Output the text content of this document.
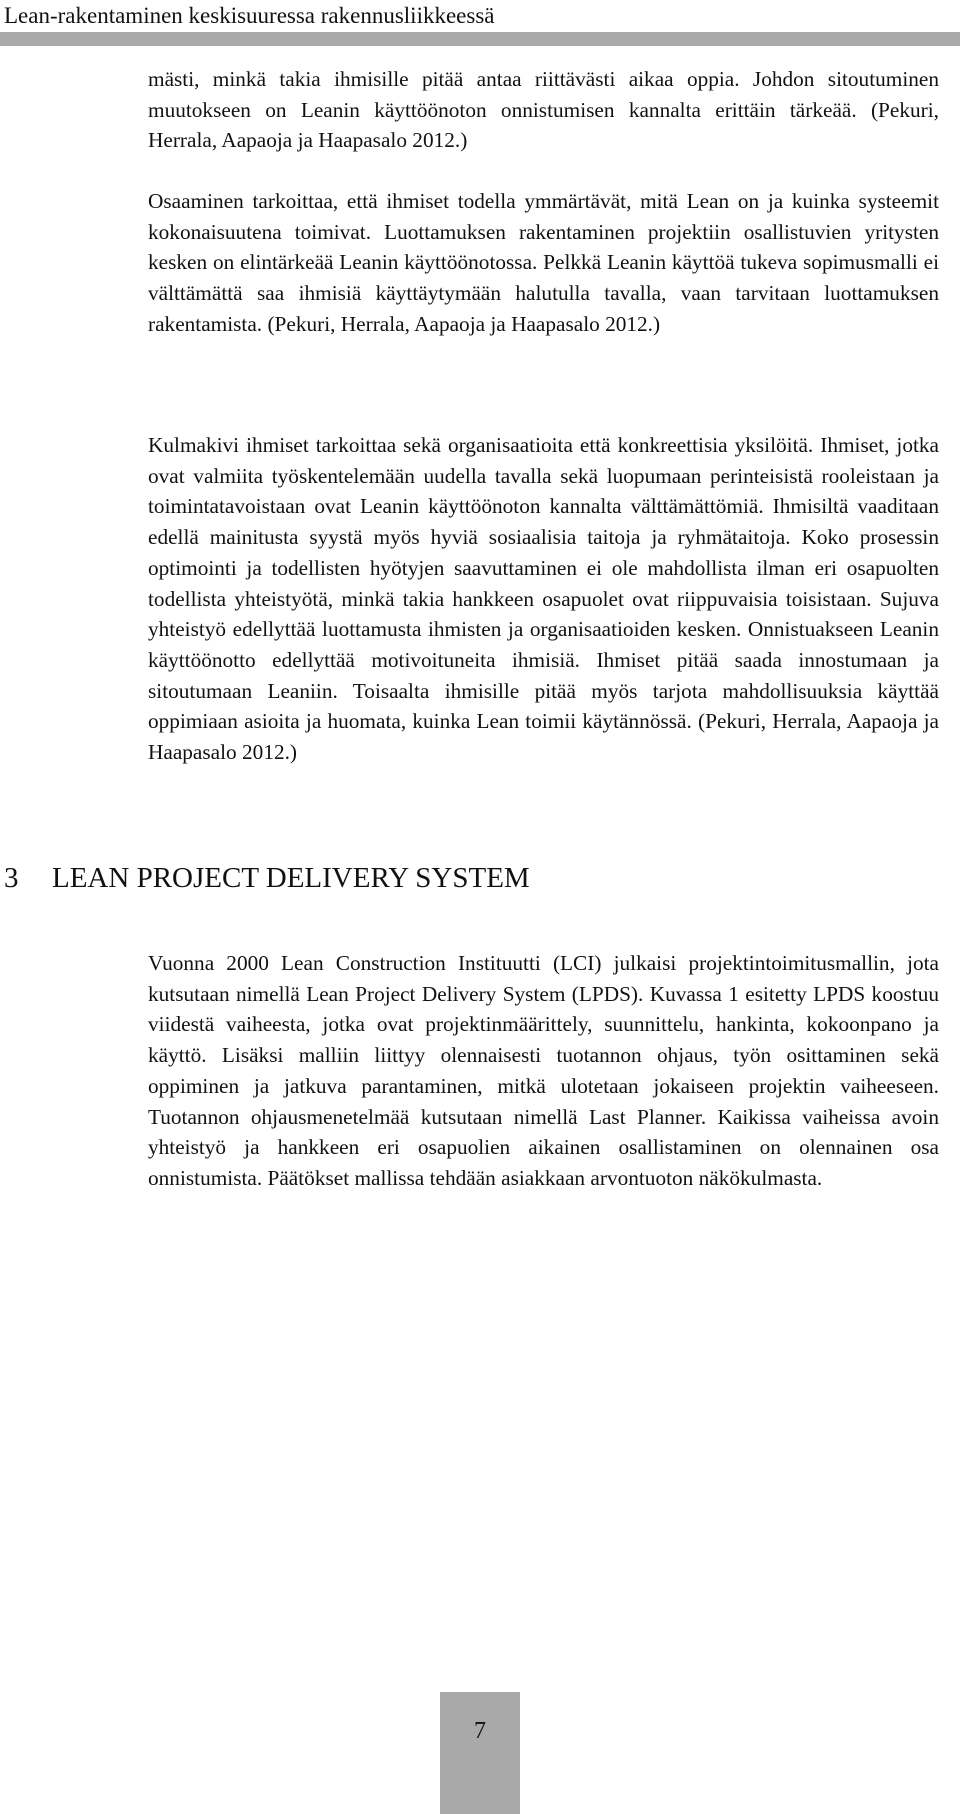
Lean-rakentaminen keskisuuressa rakennusliikkeessä

mästi, minkä takia ihmisille pitää antaa riittävästi aikaa oppia. Johdon sitoutuminen muutokseen on Leanin käyttöönoton onnistumisen kannalta erittäin tärkeää. (Pekuri, Herrala, Aapaoja ja Haapasalo 2012.)

Osaaminen tarkoittaa, että ihmiset todella ymmärtävät, mitä Lean on ja kuinka systeemit kokonaisuutena toimivat. Luottamuksen rakentaminen projektiin osallistuvien yritysten kesken on elintärkeää Leanin käyttöönotossa. Pelkkä Leanin käyttöä tukeva sopimusmalli ei välttämättä saa ihmisiä käyttäytymään halutulla tavalla, vaan tarvitaan luottamuksen rakentamista. (Pekuri, Herrala, Aapaoja ja Haapasalo 2012.)

Kulmakivi ihmiset tarkoittaa sekä organisaatioita että konkreettisia yksilöitä. Ihmiset, jotka ovat valmiita työskentelemään uudella tavalla sekä luopumaan perinteisistä rooleistaan ja toimintatavoistaan ovat Leanin käyttöönoton kannalta välttämättömiä. Ihmisiltä vaaditaan edellä mainitusta syystä myös hyviä sosiaalisia taitoja ja ryhmätaitoja. Koko prosessin optimointi ja todellisten hyötyjen saavuttaminen ei ole mahdollista ilman eri osapuolten todellista yhteistyötä, minkä takia hankkeen osapuolet ovat riippuvaisia toisistaan. Sujuva yhteistyö edellyttää luottamusta ihmisten ja organisaatioiden kesken. Onnistuakseen Leanin käyttöönotto edellyttää motivoituneita ihmisiä. Ihmiset pitää saada innostumaan ja sitoutumaan Leaniin. Toisaalta ihmisille pitää myös tarjota mahdollisuuksia käyttää oppimiaan asioita ja huomata, kuinka Lean toimii käytännössä. (Pekuri, Herrala, Aapaoja ja Haapasalo 2012.)

3 LEAN PROJECT DELIVERY SYSTEM

Vuonna 2000 Lean Construction Instituutti (LCI) julkaisi projektintoimitusmallin, jota kutsutaan nimellä Lean Project Delivery System (LPDS). Kuvassa 1 esitetty LPDS koostuu viidestä vaiheesta, jotka ovat projektinmäärittely, suunnittelu, hankinta, kokoonpano ja käyttö. Lisäksi malliin liittyy olennaisesti tuotannon ohjaus, työn osittaminen sekä oppiminen ja jatkuva parantaminen, mitkä ulotetaan jokaiseen projektin vaiheeseen. Tuotannon ohjausmenetelmää kutsutaan nimellä Last Planner. Kaikissa vaiheissa avoin yhteistyö ja hankkeen eri osapuolien aikainen osallistaminen on olennainen osa onnistumista. Päätökset mallissa tehdään asiakkaan arvontuoton näkökulmasta.

7
